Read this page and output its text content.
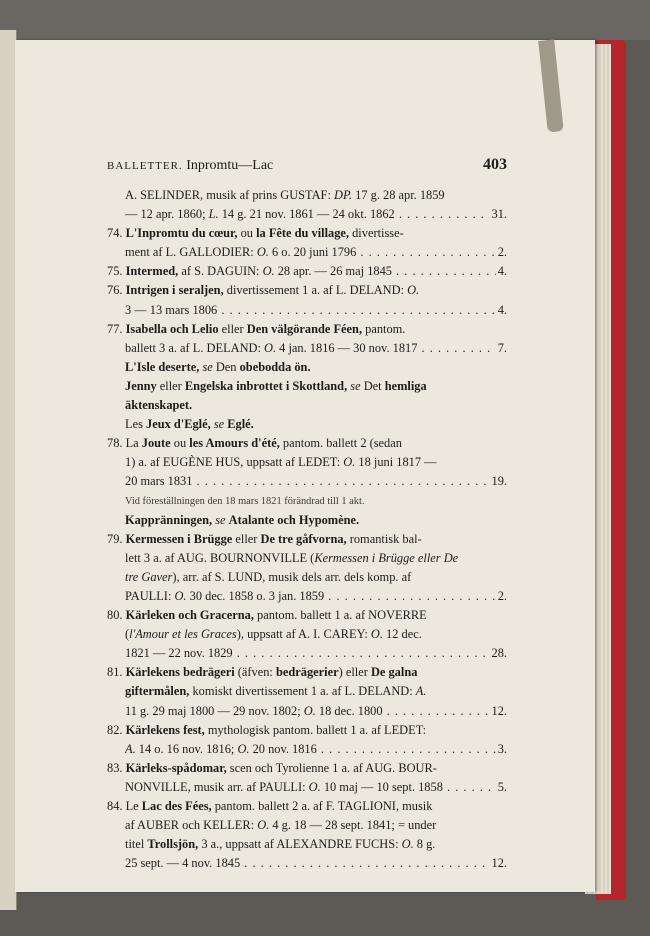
BALLETTER. Inpromtu—Lac	403
A. SELINDER, musik af prins GUSTAF: DP. 17 g. 28 apr. 1859
— 12 apr. 1860; L. 14 g. 21 nov. 1861 — 24 okt. 1862 . . .	31.
74. L'Inpromtu du cœur, ou la Fête du village, divertisse-
ment af L. GALLODIER: O. 6 o. 20 juni 1796 . . .	2.
75. Intermed, af S. DAGUIN: O. 28 apr. — 26 maj 1845 . . .	4.
76. Intrigen i seraljen, divertissement 1 a. af L. DELAND: O.
3 — 13 mars 1806 . . .	4.
77. Isabella och Lelio eller Den välgörande Féen, pantom.
ballett 3 a. af L. DELAND: O. 4 jan. 1816 — 30 nov. 1817 . . .	7.
L'Isle deserte, se Den obebodda ön.
Jenny eller Engelska inbrottet i Skottland, se Det hemliga
äktenskapet.
Les Jeux d'Eglé, se Eglé.
78. La Joute ou les Amours d'été, pantom. ballett 2 (sedan
1) a. af EUGÈNE HUS, uppsatt af LEDET: O. 18 juni 1817 —
20 mars 1831 . . .	19.
Vid föreställningen den 18 mars 1821 förändrad till 1 akt.
Kappränningen, se Atalante och Hypomène.
79. Kermessen i Brügge eller De tre gåfvorna, romantisk bal-
lett 3 a. af AUG. BOURNONVILLE (Kermessen i Brügge eller De
tre Gaver), arr. af S. LUND, musik dels arr. dels komp. af
PAULLI: O. 30 dec. 1858 o. 3 jan. 1859 . . .	2.
80. Kärleken och Gracerna, pantom. ballett 1 a. af NOVERRE
(l'Amour et les Graces), uppsatt af A. I. CAREY: O. 12 dec.
1821 — 22 nov. 1829 . . .	28.
81. Kärlekens bedrägeri (äfven: bedrägerier) eller De galna
giftermålen, komiskt divertissement 1 a. af L. DELAND: A.
11 g. 29 maj 1800 — 29 nov. 1802; O. 18 dec. 1800 . . .	12.
82. Kärlekens fest, mythologisk pantom. ballett 1 a. af LEDET:
A. 14 o. 16 nov. 1816; O. 20 nov. 1816 . . .	3.
83. Kärleks-spådomar, scen och Tyrolienne 1 a. af AUG. BOUR-
NONVILLE, musik arr. af PAULLI: O. 10 maj — 10 sept. 1858 . . .	5.
84. Le Lac des Fées, pantom. ballett 2 a. af F. TAGLIONI, musik
af AUBER och KELLER: O. 4 g. 18 — 28 sept. 1841; = under
titel Trollsjön, 3 a., uppsatt af ALEXANDRE FUCHS: O. 8 g.
25 sept. — 4 nov. 1845 . . .	12.
